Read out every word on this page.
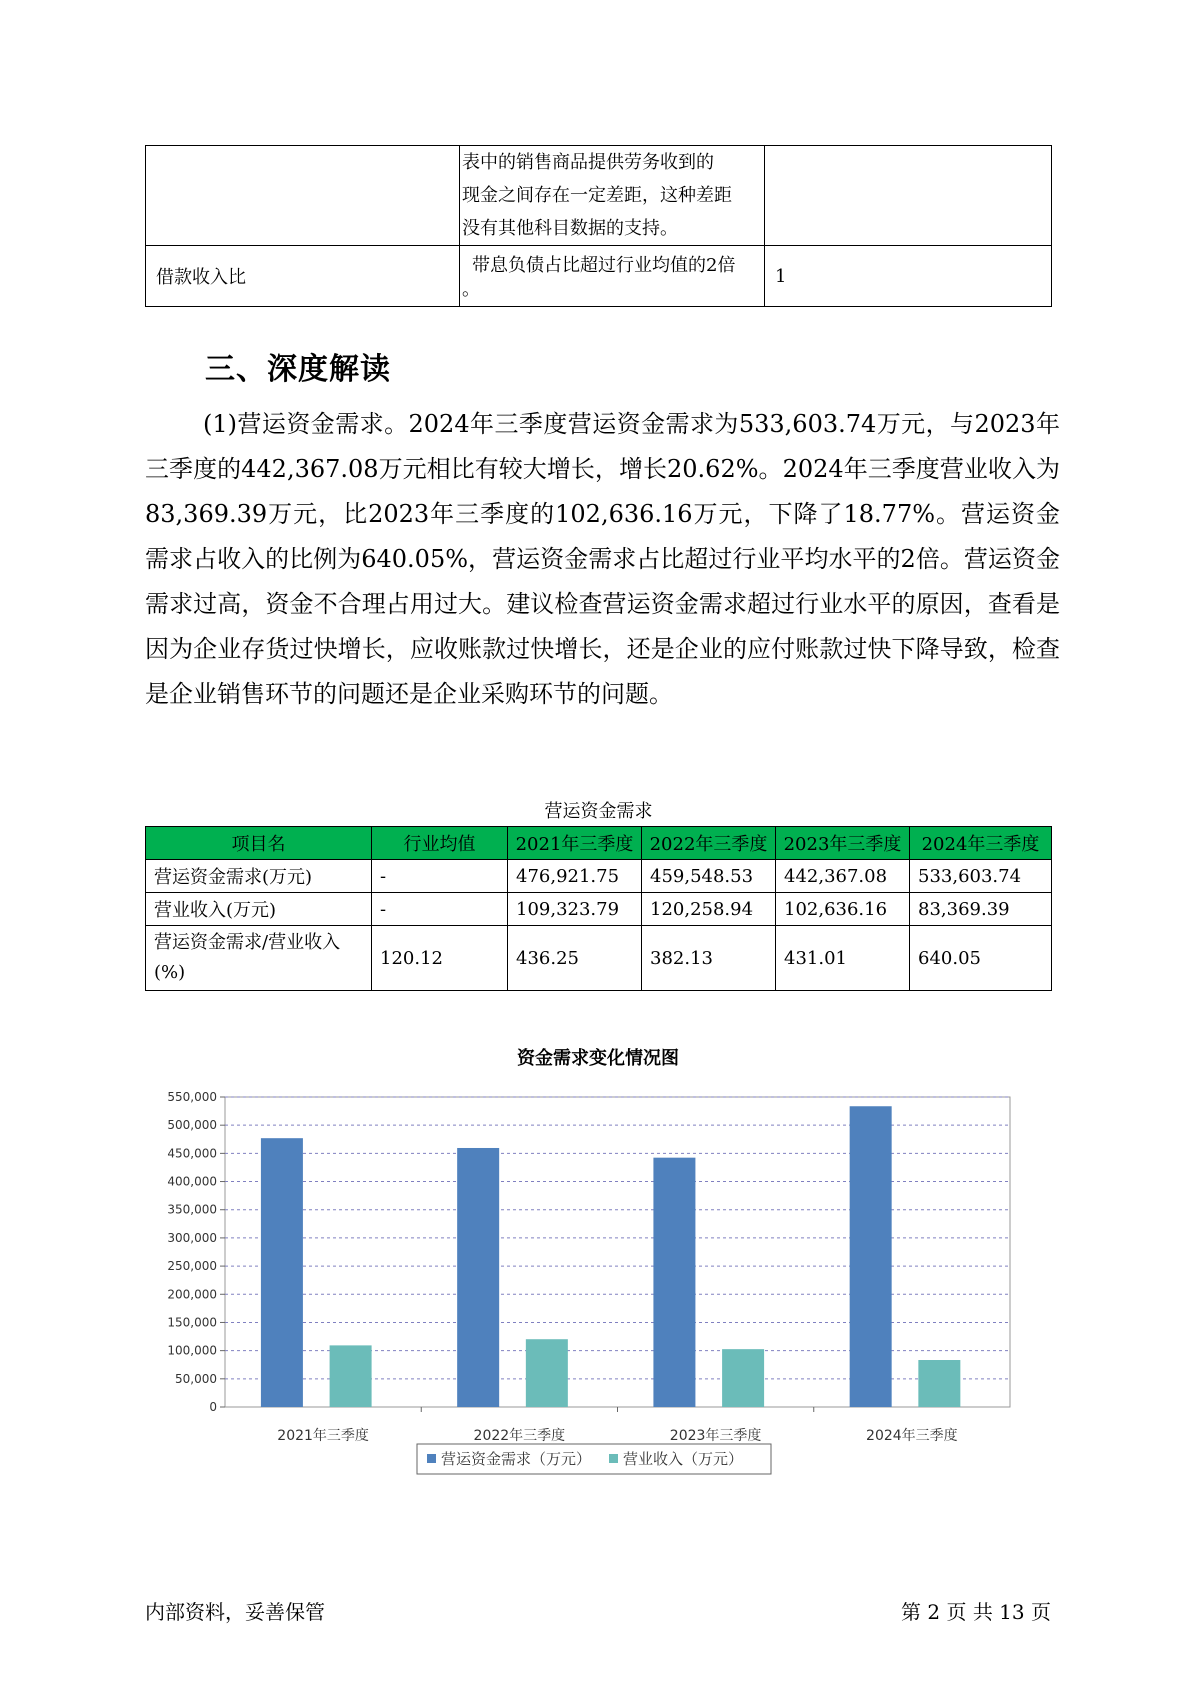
	表中的销售商品提供劳务收到的
现金之间存在一定差距，这种差距
没有其他科目数据的支持。	

借款收入比	带息负债占比超过行业均值的2倍
。	1
三、深度解读

(1)营运资金需求。2024年三季度营运资金需求为533,603.74万元，与2023年三季度的442,367.08万元相比有较大增长，增长20.62%。2024年三季度营业收入为83,369.39万元，比2023年三季度的102,636.16万元，下降了18.77%。营运资金需求占收入的比例为640.05%，营运资金需求占比超过行业平均水平的2倍。营运资金需求过高，资金不合理占用过大。建议检查营运资金需求超过行业水平的原因，查看是因为企业存货过快增长，应收账款过快增长，还是企业的应付账款过快下降导致，检查是企业销售环节的问题还是企业采购环节的问题。

营运资金需求
项目名	行业均值	2021年三季度	2022年三季度	2023年三季度	2024年三季度
营运资金需求(万元)	-	476,921.75	459,548.53	442,367.08	533,603.74
营业收入(万元)	-	109,323.79	120,258.94	102,636.16	83,369.39
营运资金需求/营业收入(%)	120.12	436.25	382.13	431.01	640.05
资金需求变化情况图
0
50,000
100,000
150,000
200,000
250,000
300,000
350,000
400,000
450,000
500,000
550,000
2021年三季度	2022年三季度	2023年三季度	2024年三季度
营运资金需求（万元） 营业收入（万元）
内部资料，妥善保管	第 2 页 共 13 页
